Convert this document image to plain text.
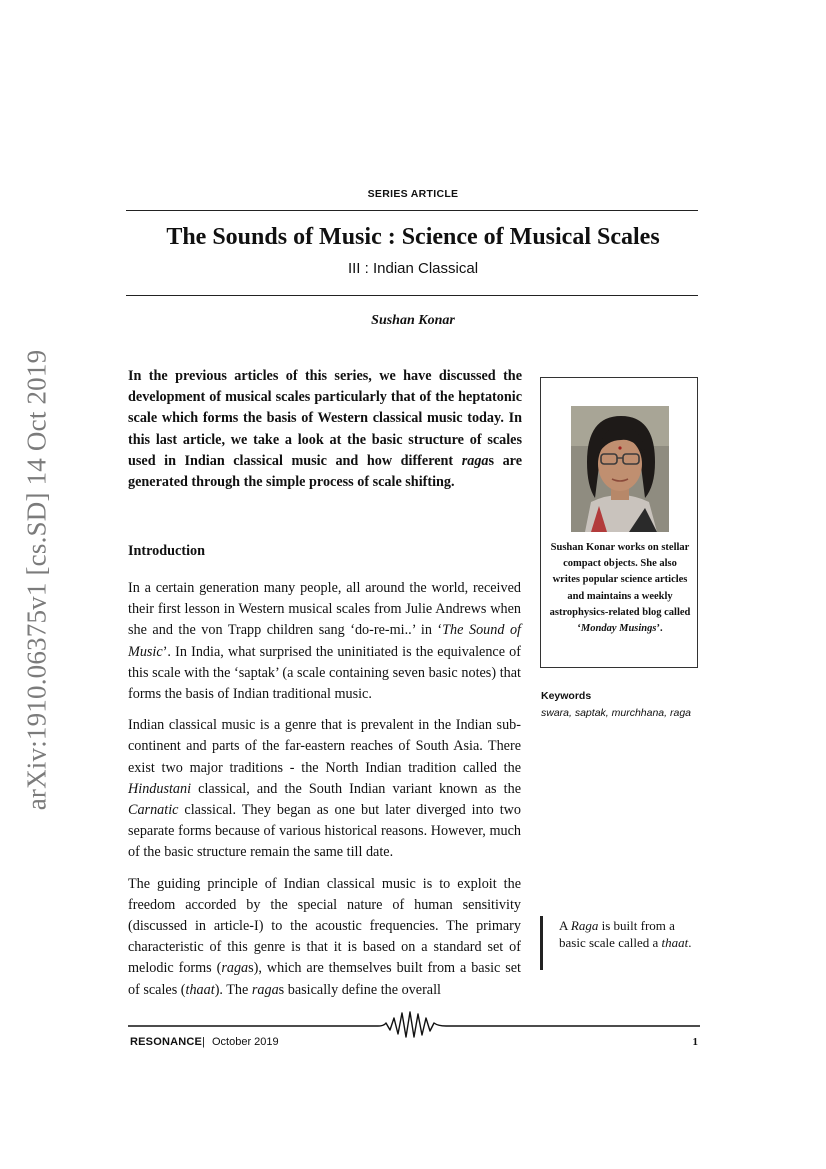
arXiv:1910.06375v1 [cs.SD] 14 Oct 2019
SERIES ARTICLE
The Sounds of Music : Science of Musical Scales
III : Indian Classical
Sushan Konar
In the previous articles of this series, we have discussed the development of musical scales particularly that of the heptatonic scale which forms the basis of Western classical music today. In this last article, we take a look at the basic structure of scales used in Indian classical music and how different ragas are generated through the simple process of scale shifting.
Introduction

In a certain generation many people, all around the world, received their first lesson in Western musical scales from Julie Andrews when she and the von Trapp children sang ‘do-re-mi..’ in ‘The Sound of Music’. In India, what surprised the uninitiated is the equivalence of this scale with the ‘saptak’ (a scale containing seven basic notes) that forms the basis of Indian traditional music.

Indian classical music is a genre that is prevalent in the Indian sub-continent and parts of the far-eastern reaches of South Asia. There exist two major traditions - the North Indian tradition called the Hindustani classical, and the South Indian variant known as the Carnatic classical. They began as one but later diverged into two separate forms because of various historical reasons. However, much of the basic structure remain the same till date.

The guiding principle of Indian classical music is to exploit the freedom accorded by the special nature of human sensitivity (discussed in article-I) to the acoustic frequencies. The primary characteristic of this genre is that it is based on a standard set of melodic forms (ragas), which are themselves built from a basic set of scales (thaat). The ragas basically define the overall

Sushan Konar works on stellar compact objects. She also writes popular science articles and maintains a weekly astrophysics-related blog called ‘Monday Musings’.
Keywords
swara, saptak, murchhana, raga
A Raga is built from a basic scale called a thaat.
RESONANCE | October 2019	1
